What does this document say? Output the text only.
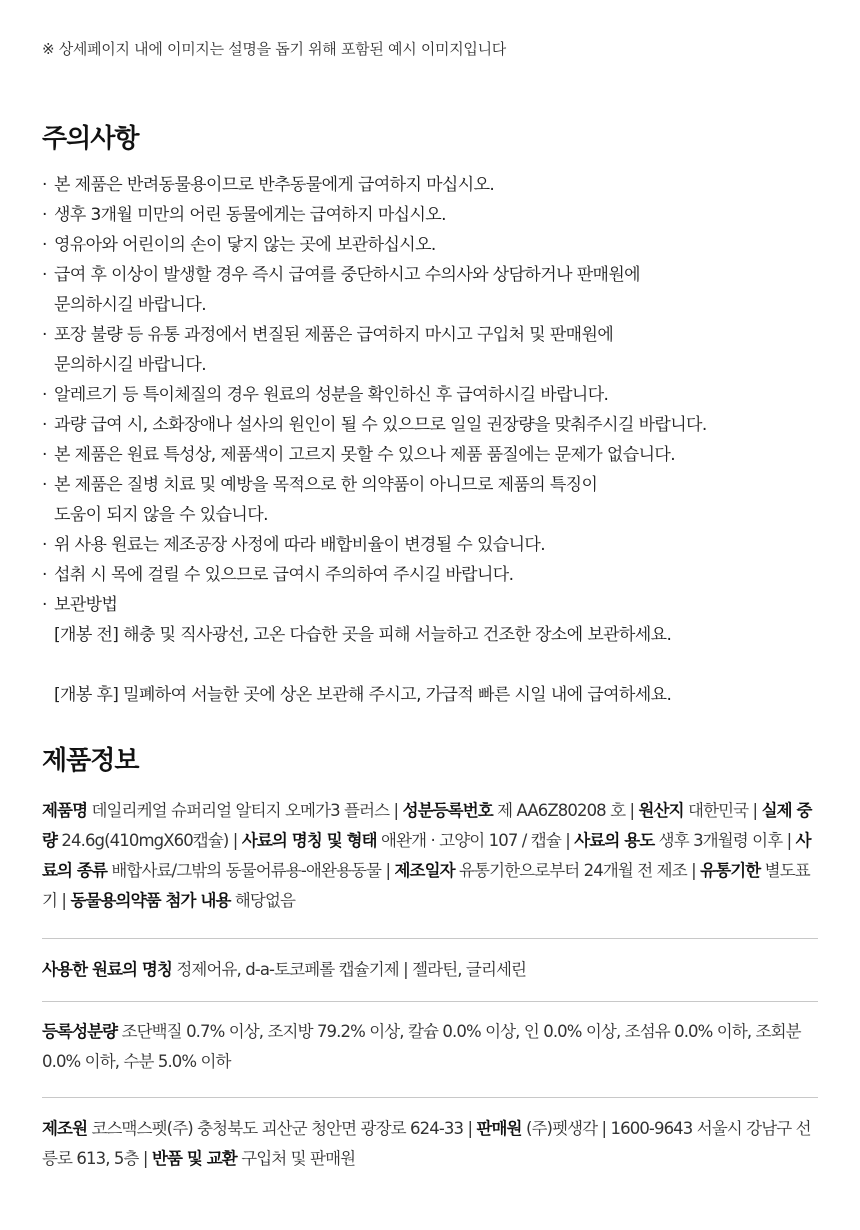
※ 상세페이지 내에 이미지는 설명을 돕기 위해 포함된 예시 이미지입니다
주의사항
· 본 제품은 반려동물용이므로 반추동물에게 급여하지 마십시오.
· 생후 3개월 미만의 어린 동물에게는 급여하지 마십시오.
· 영유아와 어린이의 손이 닿지 않는 곳에 보관하십시오.
· 급여 후 이상이 발생할 경우 즉시 급여를 중단하시고 수의사와 상담하거나 판매원에
문의하시길 바랍니다.
· 포장 불량 등 유통 과정에서 변질된 제품은 급여하지 마시고 구입처 및 판매원에
문의하시길 바랍니다.
· 알레르기 등 특이체질의 경우 원료의 성분을 확인하신 후 급여하시길 바랍니다.
· 과량 급여 시, 소화장애나 설사의 원인이 될 수 있으므로 일일 권장량을 맞춰주시길 바랍니다.
· 본 제품은 원료 특성상, 제품색이 고르지 못할 수 있으나 제품 품질에는 문제가 없습니다.
· 본 제품은 질병 치료 및 예방을 목적으로 한 의약품이 아니므로 제품의 특징이
도움이 되지 않을 수 있습니다.
· 위 사용 원료는 제조공장 사정에 따라 배합비율이 변경될 수 있습니다.
· 섭취 시 목에 걸릴 수 있으므로 급여시 주의하여 주시길 바랍니다.
· 보관방법

[개봉 전] 해충 및 직사광선, 고온 다습한 곳을 피해 서늘하고 건조한 장소에 보관하세요.

[개봉 후] 밀폐하여 서늘한 곳에 상온 보관해 주시고, 가급적 빠른 시일 내에 급여하세요.

제품정보
제품명 데일리케얼 슈퍼리얼 알티지 오메가3 플러스 | 성분등록번호 제 AA6Z80208 호 | 원산지 대한민국 | 실제 중량 24.6g(410mgX60캡슐) | 사료의 명칭 및 형태 애완개 · 고양이 107 / 캡슐 | 사료의 용도 생후 3개월령 이후 | 사료의 종류 배합사료/그밖의 동물어류용-애완용동물 | 제조일자 유통기한으로부터 24개월 전 제조 | 유통기한 별도표기 | 동물용의약품 첨가 내용 해당없음
사용한 원료의 명칭 정제어유, d-a-토코페롤 캡슐기제 | 젤라틴, 글리세린
등록성분량 조단백질 0.7% 이상, 조지방 79.2% 이상, 칼슘 0.0% 이상, 인 0.0% 이상, 조섬유 0.0% 이하, 조회분 0.0% 이하, 수분 5.0% 이하
제조원 코스맥스펫(주) 충청북도 괴산군 청안면 광장로 624-33 | 판매원 (주)펫생각 | 1600-9643 서울시 강남구 선릉로 613, 5층 | 반품 및 교환 구입처 및 판매원
